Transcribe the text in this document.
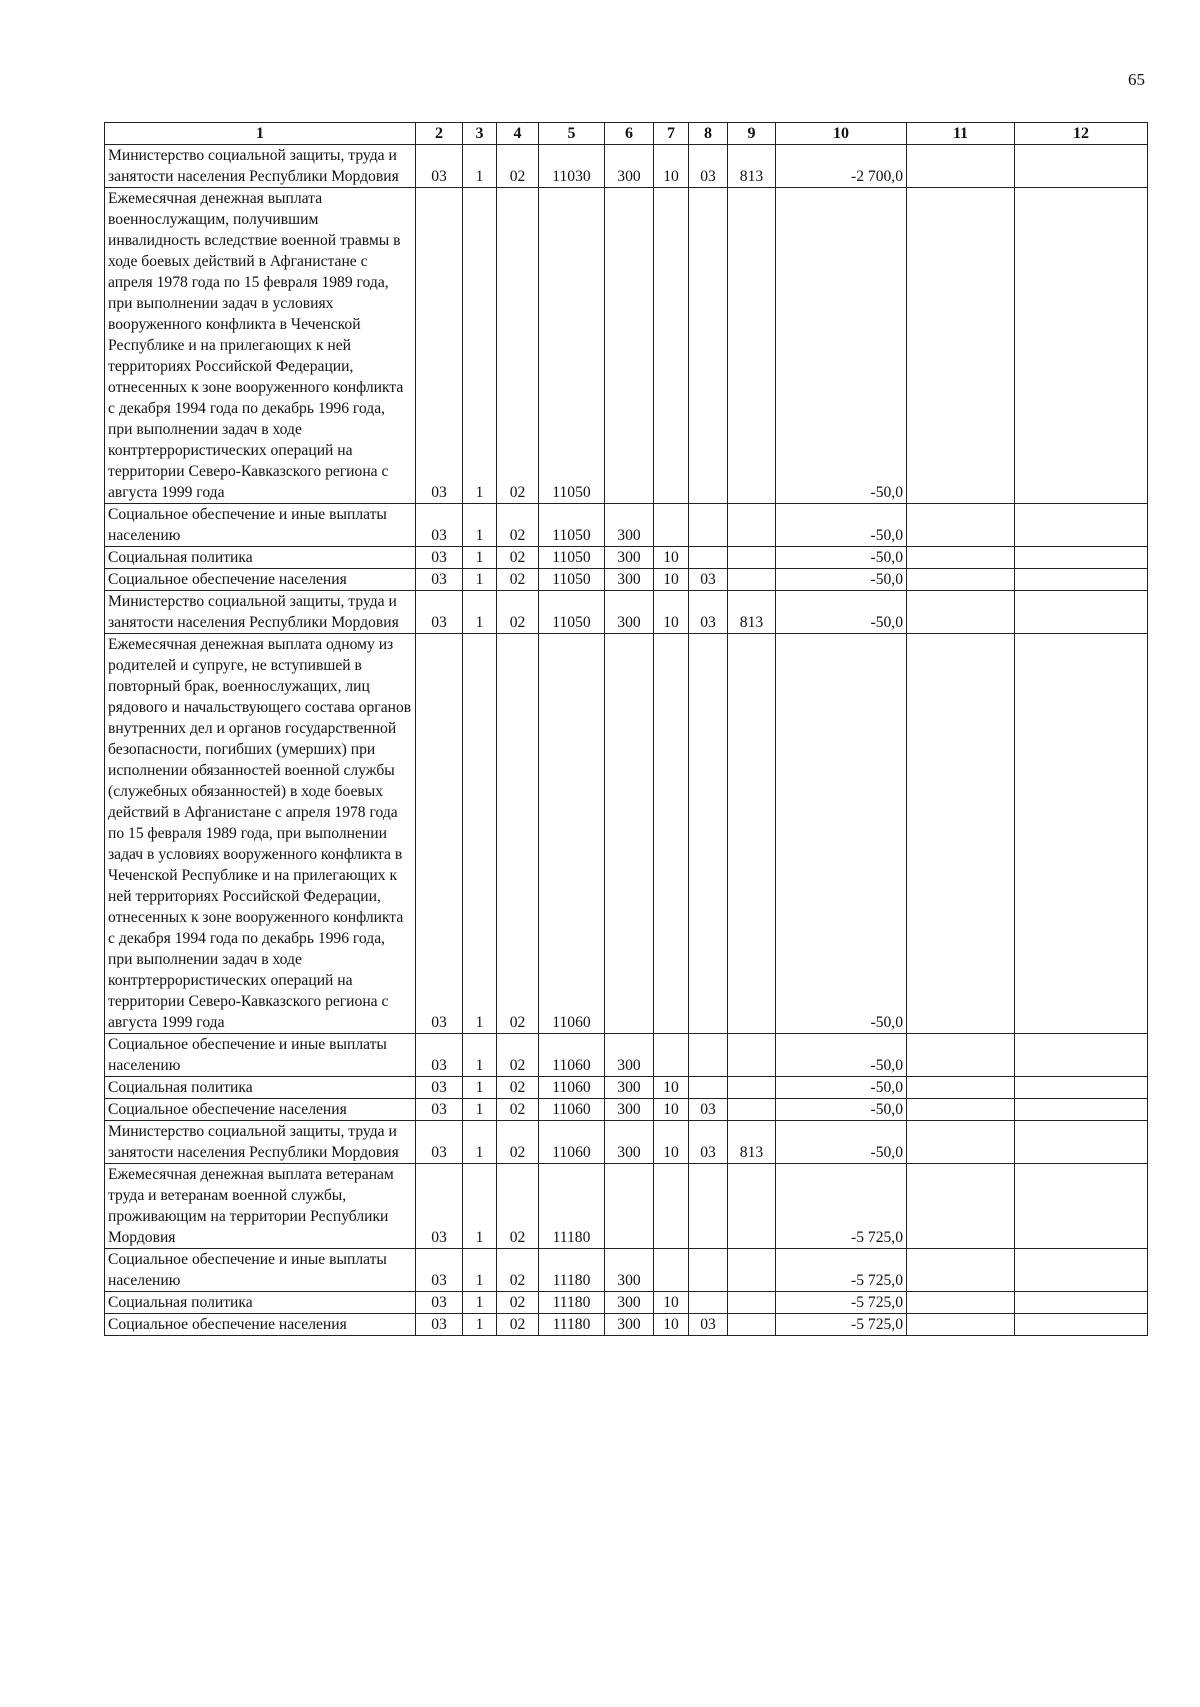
65
1	2	3	4	5	6	7	8	9	10	11	12
Министерство социальной защиты, труда и занятости населения Республики Мордовия	03	1	02	11030	300	10	03	813	-2 700,0		
Ежемесячная денежная выплата военнослужащим, получившим инвалидность вследствие военной травмы в ходе боевых действий в Афганистане с апреля 1978 года по 15 февраля 1989 года, при выполнении задач в условиях вооруженного конфликта в Чеченской Республике и на прилегающих к ней территориях Российской Федерации, отнесенных к зоне вооруженного конфликта с декабря 1994 года по декабрь 1996 года, при выполнении задач в ходе контртеррористических операций на территории Северо-Кавказского региона с августа 1999 года	03	1	02	11050					-50,0		
Социальное обеспечение и иные выплаты населению	03	1	02	11050	300				-50,0		
Социальная политика	03	1	02	11050	300	10			-50,0		
Социальное обеспечение населения	03	1	02	11050	300	10	03		-50,0		
Министерство социальной защиты, труда и занятости населения Республики Мордовия	03	1	02	11050	300	10	03	813	-50,0		
Ежемесячная денежная выплата одному из родителей и супруге, не вступившей в повторный брак, военнослужащих, лиц рядового и начальствующего состава органов внутренних дел и органов государственной безопасности, погибших (умерших) при исполнении обязанностей военной службы (служебных обязанностей) в ходе боевых действий в Афганистане с апреля 1978 года по 15 февраля 1989 года, при выполнении задач в условиях вооруженного конфликта в Чеченской Республике и на прилегающих к ней территориях Российской Федерации, отнесенных к зоне вооруженного конфликта с декабря 1994 года по декабрь 1996 года, при выполнении задач в ходе контртеррористических операций на территории Северо-Кавказского региона с августа 1999 года	03	1	02	11060					-50,0		
Социальное обеспечение и иные выплаты населению	03	1	02	11060	300				-50,0		
Социальная политика	03	1	02	11060	300	10			-50,0		
Социальное обеспечение населения	03	1	02	11060	300	10	03		-50,0		
Министерство социальной защиты, труда и занятости населения Республики Мордовия	03	1	02	11060	300	10	03	813	-50,0		
Ежемесячная денежная выплата ветеранам труда и ветеранам военной службы, проживающим на территории Республики Мордовия	03	1	02	11180					-5 725,0		
Социальное обеспечение и иные выплаты населению	03	1	02	11180	300				-5 725,0		
Социальная политика	03	1	02	11180	300	10			-5 725,0		
Социальное обеспечение населения	03	1	02	11180	300	10	03		-5 725,0		
